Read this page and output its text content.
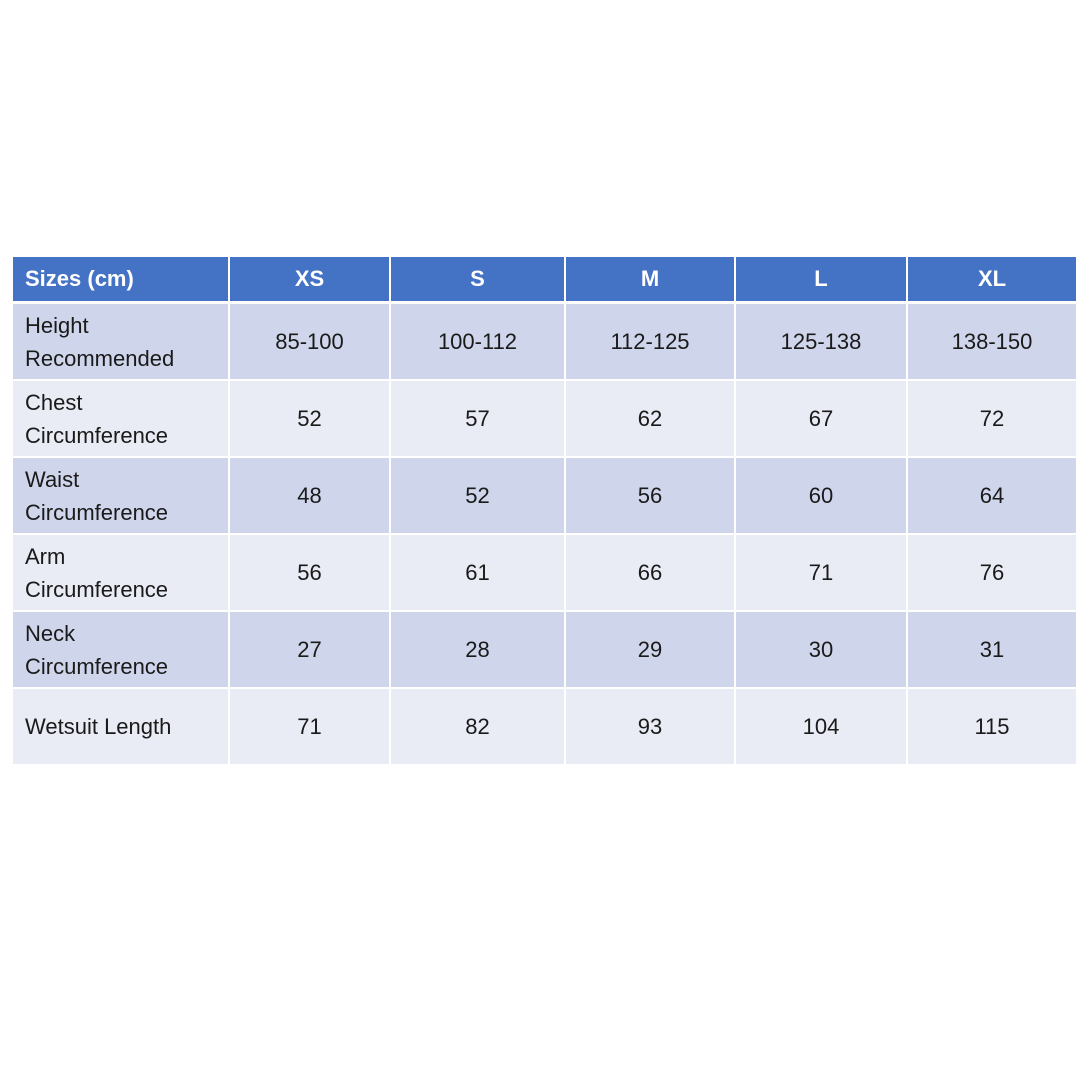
Sizes (cm)	XS	S	M	L	XL

Height
Recommended	85-100	100-112	112-125	125-138	138-150

Chest
Circumference	52	57	62	67	72

Waist
Circumference	48	52	56	60	64

Arm
Circumference	56	61	66	71	76

Neck
Circumference	27	28	29	30	31

Wetsuit Length	71	82	93	104	115
